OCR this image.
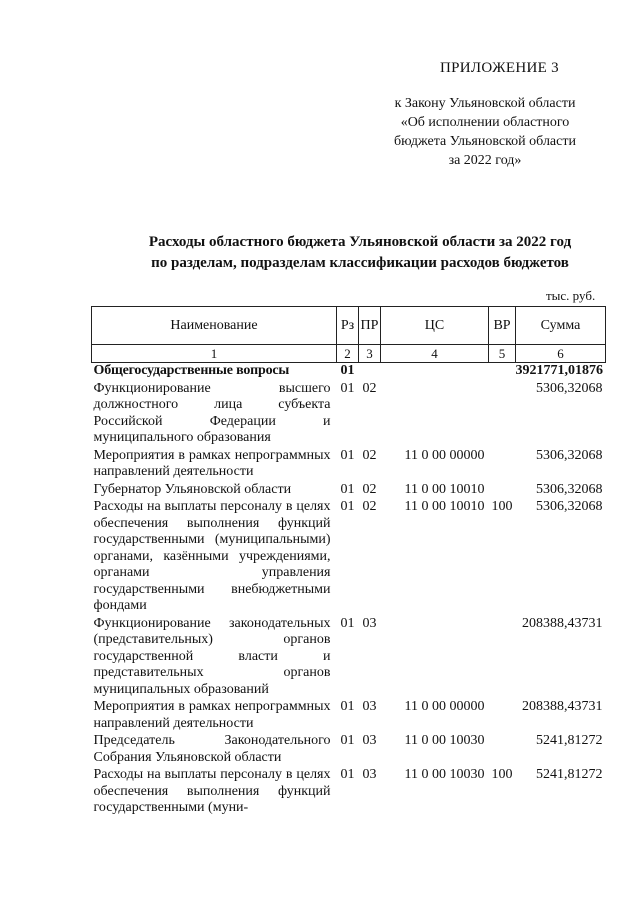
ПРИЛОЖЕНИЕ 3
к Закону Ульяновской области
«Об исполнении областного
бюджета Ульяновской области
за 2022 год»
Расходы областного бюджета Ульяновской области за 2022 год
по разделам, подразделам классификации расходов бюджетов
тыс. руб.
Наименование	Рз	ПР	ЦС	ВР	Сумма
1	2	3	4	5	6
Общегосударственные вопросы	01				3921771,01876
Функционирование высшего должностного лица субъекта Российской Федерации и муниципального образования	01	02			5306,32068
Мероприятия в рамках непрограммных направлений деятельности	01	02	11 0 00 00000		5306,32068
Губернатор Ульяновской области	01	02	11 0 00 10010		5306,32068
Расходы на выплаты персоналу в целях обеспечения выполнения функций государственными (муниципальными) органами, казёнными учреждениями, органами управления государственными внебюджетными фондами	01	02	11 0 00 10010	100	5306,32068
Функционирование законодательных (представительных) органов государственной власти и представительных органов муниципальных образований	01	03			208388,43731
Мероприятия в рамках непрограммных направлений деятельности	01	03	11 0 00 00000		208388,43731
Председатель Законодательного Собрания Ульяновской области	01	03	11 0 00 10030		5241,81272
Расходы на выплаты персоналу в целях обеспечения выполнения функций государственными (муни-	01	03	11 0 00 10030	100	5241,81272
